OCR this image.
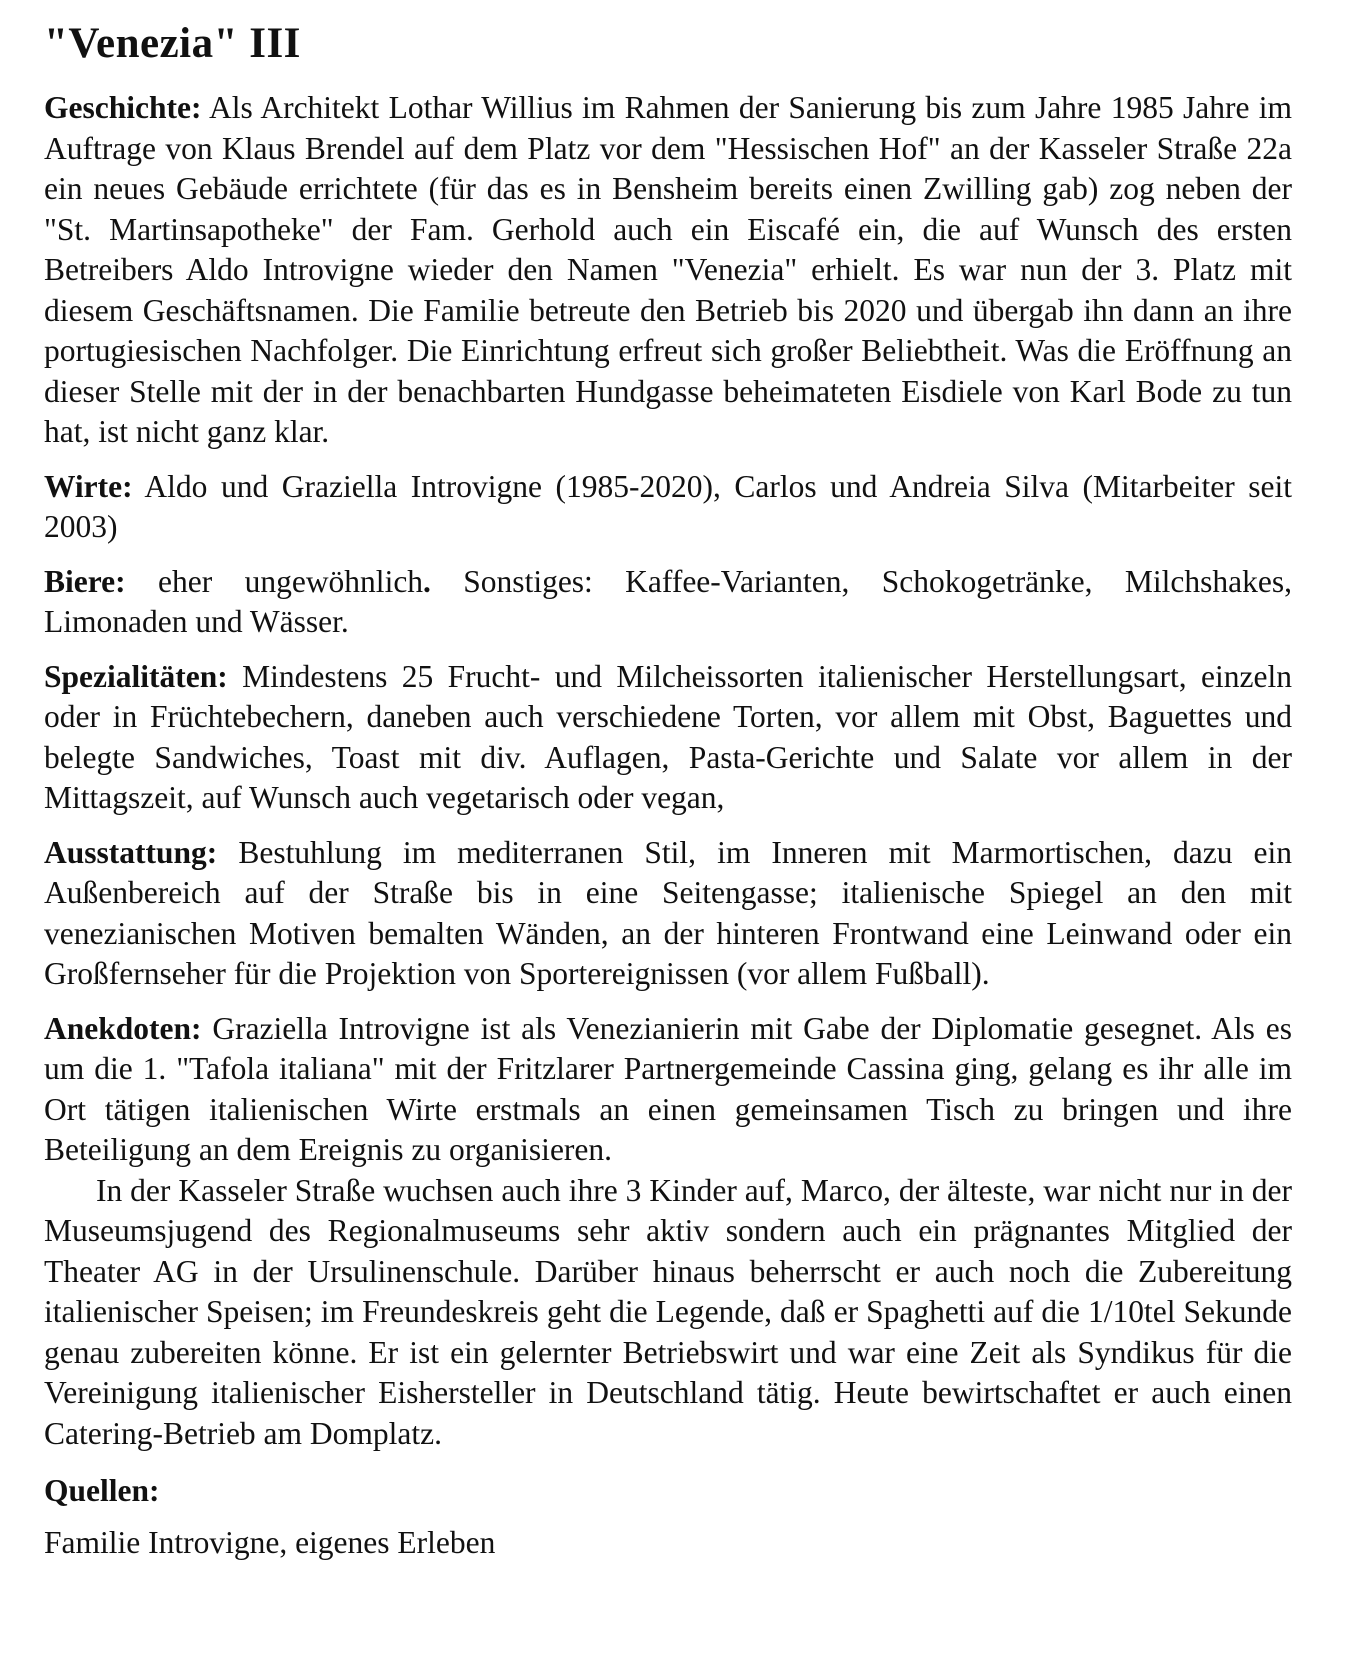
"Venezia" III

Geschichte: Als Architekt Lothar Willius im Rahmen der Sanierung bis zum Jahre 1985 Jahre im Auftrage von Klaus Brendel auf dem Platz vor dem "Hessischen Hof" an der Kasseler Straße 22a ein neues Gebäude errichtete (für das es in Bensheim bereits einen Zwilling gab) zog neben der "St. Martinsapotheke" der Fam. Gerhold auch ein Eiscafé ein, die auf Wunsch des ersten Betreibers Aldo Introvigne wieder den Namen "Venezia" erhielt. Es war nun der 3. Platz mit diesem Geschäftsnamen. Die Familie betreute den Betrieb bis 2020 und übergab ihn dann an ihre portugiesischen Nachfolger. Die Einrichtung erfreut sich großer Beliebtheit. Was die Eröffnung an dieser Stelle mit der in der benachbarten Hundgasse beheimateten Eisdiele von Karl Bode zu tun hat, ist nicht ganz klar.

Wirte: Aldo und Graziella Introvigne (1985-2020), Carlos und Andreia Silva (Mitarbeiter seit 2003)

Biere: eher ungewöhnlich. Sonstiges: Kaffee-Varianten, Schokogetränke, Milchshakes, Limonaden und Wässer.

Spezialitäten: Mindestens 25 Frucht- und Milcheissorten italienischer Herstellungsart, einzeln oder in Früchtebechern, daneben auch verschiedene Torten, vor allem mit Obst, Baguettes und belegte Sandwiches, Toast mit div. Auflagen, Pasta-Gerichte und Salate vor allem in der Mittagszeit, auf Wunsch auch vegetarisch oder vegan,

Ausstattung: Bestuhlung im mediterranen Stil, im Inneren mit Marmortischen, dazu ein Außenbereich auf der Straße bis in eine Seitengasse; italienische Spiegel an den mit venezianischen Motiven bemalten Wänden, an der hinteren Frontwand eine Leinwand oder ein Großfernseher für die Projektion von Sportereignissen (vor allem Fußball).

Anekdoten: Graziella Introvigne ist als Venezianierin mit Gabe der Diplomatie gesegnet. Als es um die 1. "Tafola italiana" mit der Fritzlarer Partnergemeinde Cassina ging, gelang es ihr alle im Ort tätigen italienischen Wirte erstmals an einen gemeinsamen Tisch zu bringen und ihre Beteiligung an dem Ereignis zu organisieren.

In der Kasseler Straße wuchsen auch ihre 3 Kinder auf, Marco, der älteste, war nicht nur in der Museumsjugend des Regionalmuseums sehr aktiv sondern auch ein prägnantes Mitglied der Theater AG in der Ursulinenschule. Darüber hinaus beherrscht er auch noch die Zubereitung italienischer Speisen; im Freundeskreis geht die Legende, daß er Spaghetti auf die 1/10tel Sekunde genau zubereiten könne. Er ist ein gelernter Betriebswirt und war eine Zeit als Syndikus für die Vereinigung italienischer Eishersteller in Deutschland tätig. Heute bewirtschaftet er auch einen Catering-Betrieb am Domplatz.

Quellen:

Familie Introvigne, eigenes Erleben
